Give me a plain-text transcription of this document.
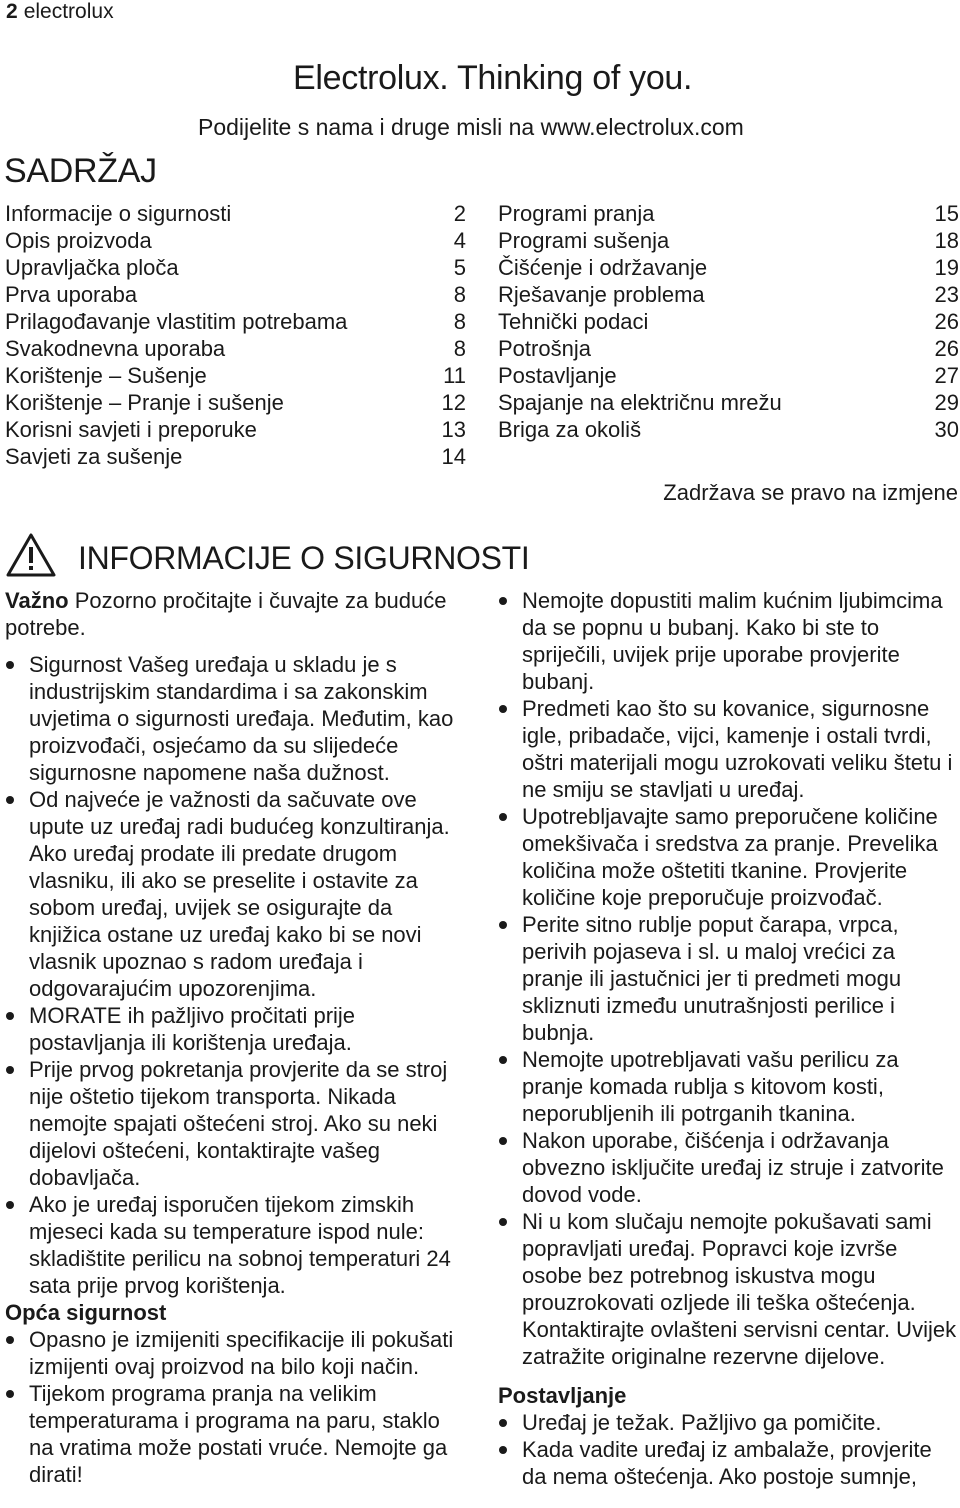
2 electrolux
Electrolux. Thinking of you.
Podijelite s nama i druge misli na www.electrolux.com
SADRŽAJ
Informacije o sigurnosti	2
Opis proizvoda	4
Upravljačka ploča	5
Prva uporaba	8
Prilagođavanje vlastitim potrebama	8
Svakodnevna uporaba	8
Korištenje – Sušenje	11
Korištenje – Pranje i sušenje	12
Korisni savjeti i preporuke	13
Savjeti za sušenje	14
Programi pranja	15
Programi sušenja	18
Čišćenje i održavanje	19
Rješavanje problema	23
Tehnički podaci	26
Potrošnja	26
Postavljanje	27
Spajanje na električnu mrežu	29
Briga za okoliš	30
Zadržava se pravo na izmjene
INFORMACIJE O SIGURNOSTI

Važno Pozorno pročitajte i čuvajte za buduće potrebe.

Sigurnost Vašeg uređaja u skladu je s industrijskim standardima i sa zakonskim uvjetima o sigurnosti uređaja. Međutim, kao proizvođači, osjećamo da su slijedeće sigurnosne napomene naša dužnost.
Od najveće je važnosti da sačuvate ove upute uz uređaj radi budućeg konzultiranja. Ako uređaj prodate ili predate drugom vlasniku, ili ako se preselite i ostavite za sobom uređaj, uvijek se osigurajte da knjižica ostane uz uređaj kako bi se novi vlasnik upoznao s radom uređaja i odgovarajućim upozorenjima.
MORATE ih pažljivo pročitati prije postavljanja ili korištenja uređaja.
Prije prvog pokretanja provjerite da se stroj nije oštetio tijekom transporta. Nikada nemojte spajati oštećeni stroj. Ako su neki dijelovi oštećeni, kontaktirajte vašeg dobavljača.
Ako je uređaj isporučen tijekom zimskih mjeseci kada su temperature ispod nule: skladištite perilicu na sobnoj temperaturi 24 sata prije prvog korištenja.

Opća sigurnost

Opasno je izmijeniti specifikacije ili pokušati izmijenti ovaj proizvod na bilo koji način.
Tijekom programa pranja na velikim temperaturama i programa na paru, staklo na vratima može postati vruće. Nemojte ga dirati!
Nemojte dopustiti malim kućnim ljubimcima da se popnu u bubanj. Kako bi ste to spriječili, uvijek prije uporabe provjerite bubanj.
Predmeti kao što su kovanice, sigurnosne igle, pribadače, vijci, kamenje i ostali tvrdi, oštri materijali mogu uzrokovati veliku štetu i ne smiju se stavljati u uređaj.
Upotrebljavajte samo preporučene količine omekšivača i sredstva za pranje. Prevelika količina može oštetiti tkanine. Provjerite količine koje preporučuje proizvođač.
Perite sitno rublje poput čarapa, vrpca, perivih pojaseva i sl. u maloj vrećici za pranje ili jastučnici jer ti predmeti mogu skliznuti između unutrašnjosti perilice i bubnja.
Nemojte upotrebljavati vašu perilicu za pranje komada rublja s kitovom kosti, neporubljenih ili potrganih tkanina.
Nakon uporabe, čišćenja i održavanja obvezno isključite uređaj iz struje i zatvorite dovod vode.
Ni u kom slučaju nemojte pokušavati sami popravljati uređaj. Popravci koje izvrše osobe bez potrebnog iskustva mogu prouzrokovati ozljede ili teška oštećenja. Kontaktirajte ovlašteni servisni centar. Uvijek zatražite originalne rezervne dijelove.

Postavljanje

Uređaj je težak. Pažljivo ga pomičite.
Kada vadite uređaj iz ambalaže, provjerite da nema oštećenja. Ako postoje sumnje,
